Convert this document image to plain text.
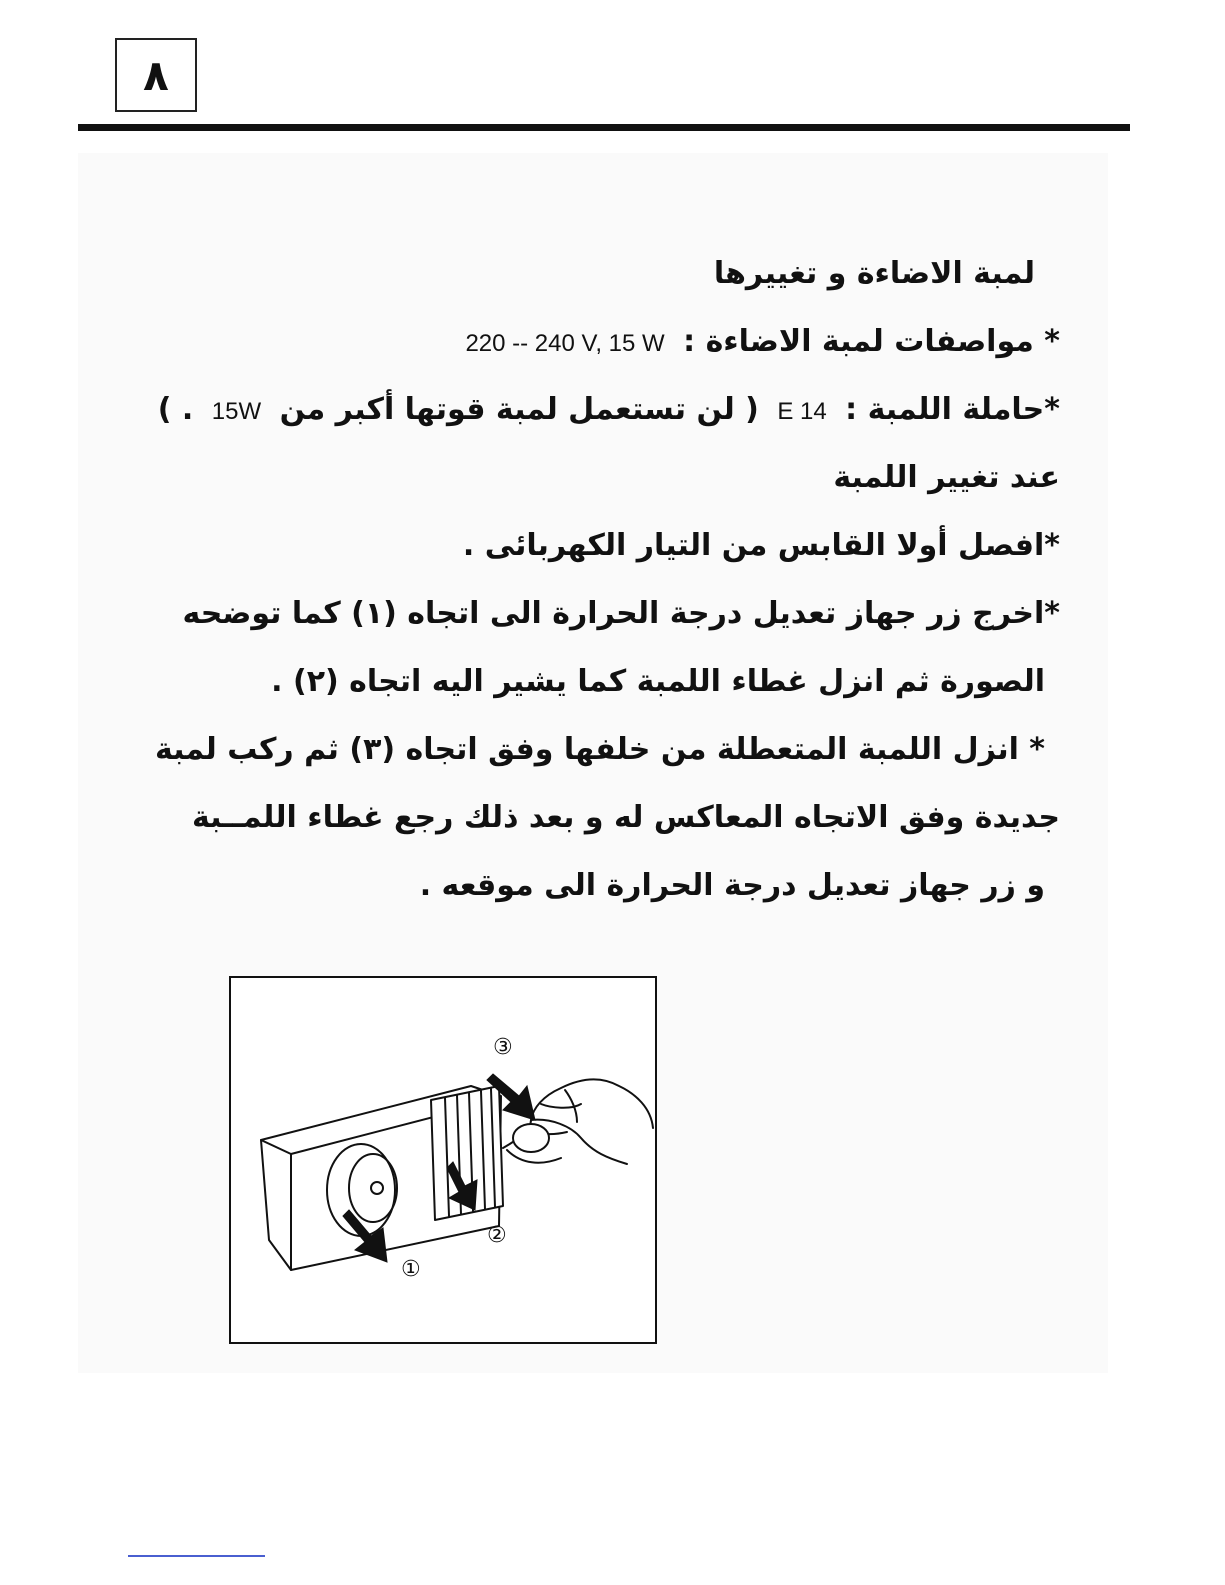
٨
لمبة الاضاءة و تغييرها
* مواصفات لمبة الاضاءة : 220 -- 240 V, 15 W
*حاملة اللمبة : E 14 ( لن تستعمل لمبة قوتها أكبر من 15W . )
عند تغيير اللمبة
*افصل أولا القابس من التيار الكهربائى .
*اخرج زر جهاز تعديل درجة الحرارة الى اتجاه (١) كما توضحه
الصورة ثم انزل غطاء اللمبة كما يشير اليه اتجاه (٢) .
* انزل اللمبة المتعطلة من خلفها وفق اتجاه (٣) ثم ركب لمبة
جديدة وفق الاتجاه المعاكس له و بعد ذلك رجع غطاء اللمــبة
و زر جهاز تعديل درجة الحرارة الى موقعه .
①
②
③
